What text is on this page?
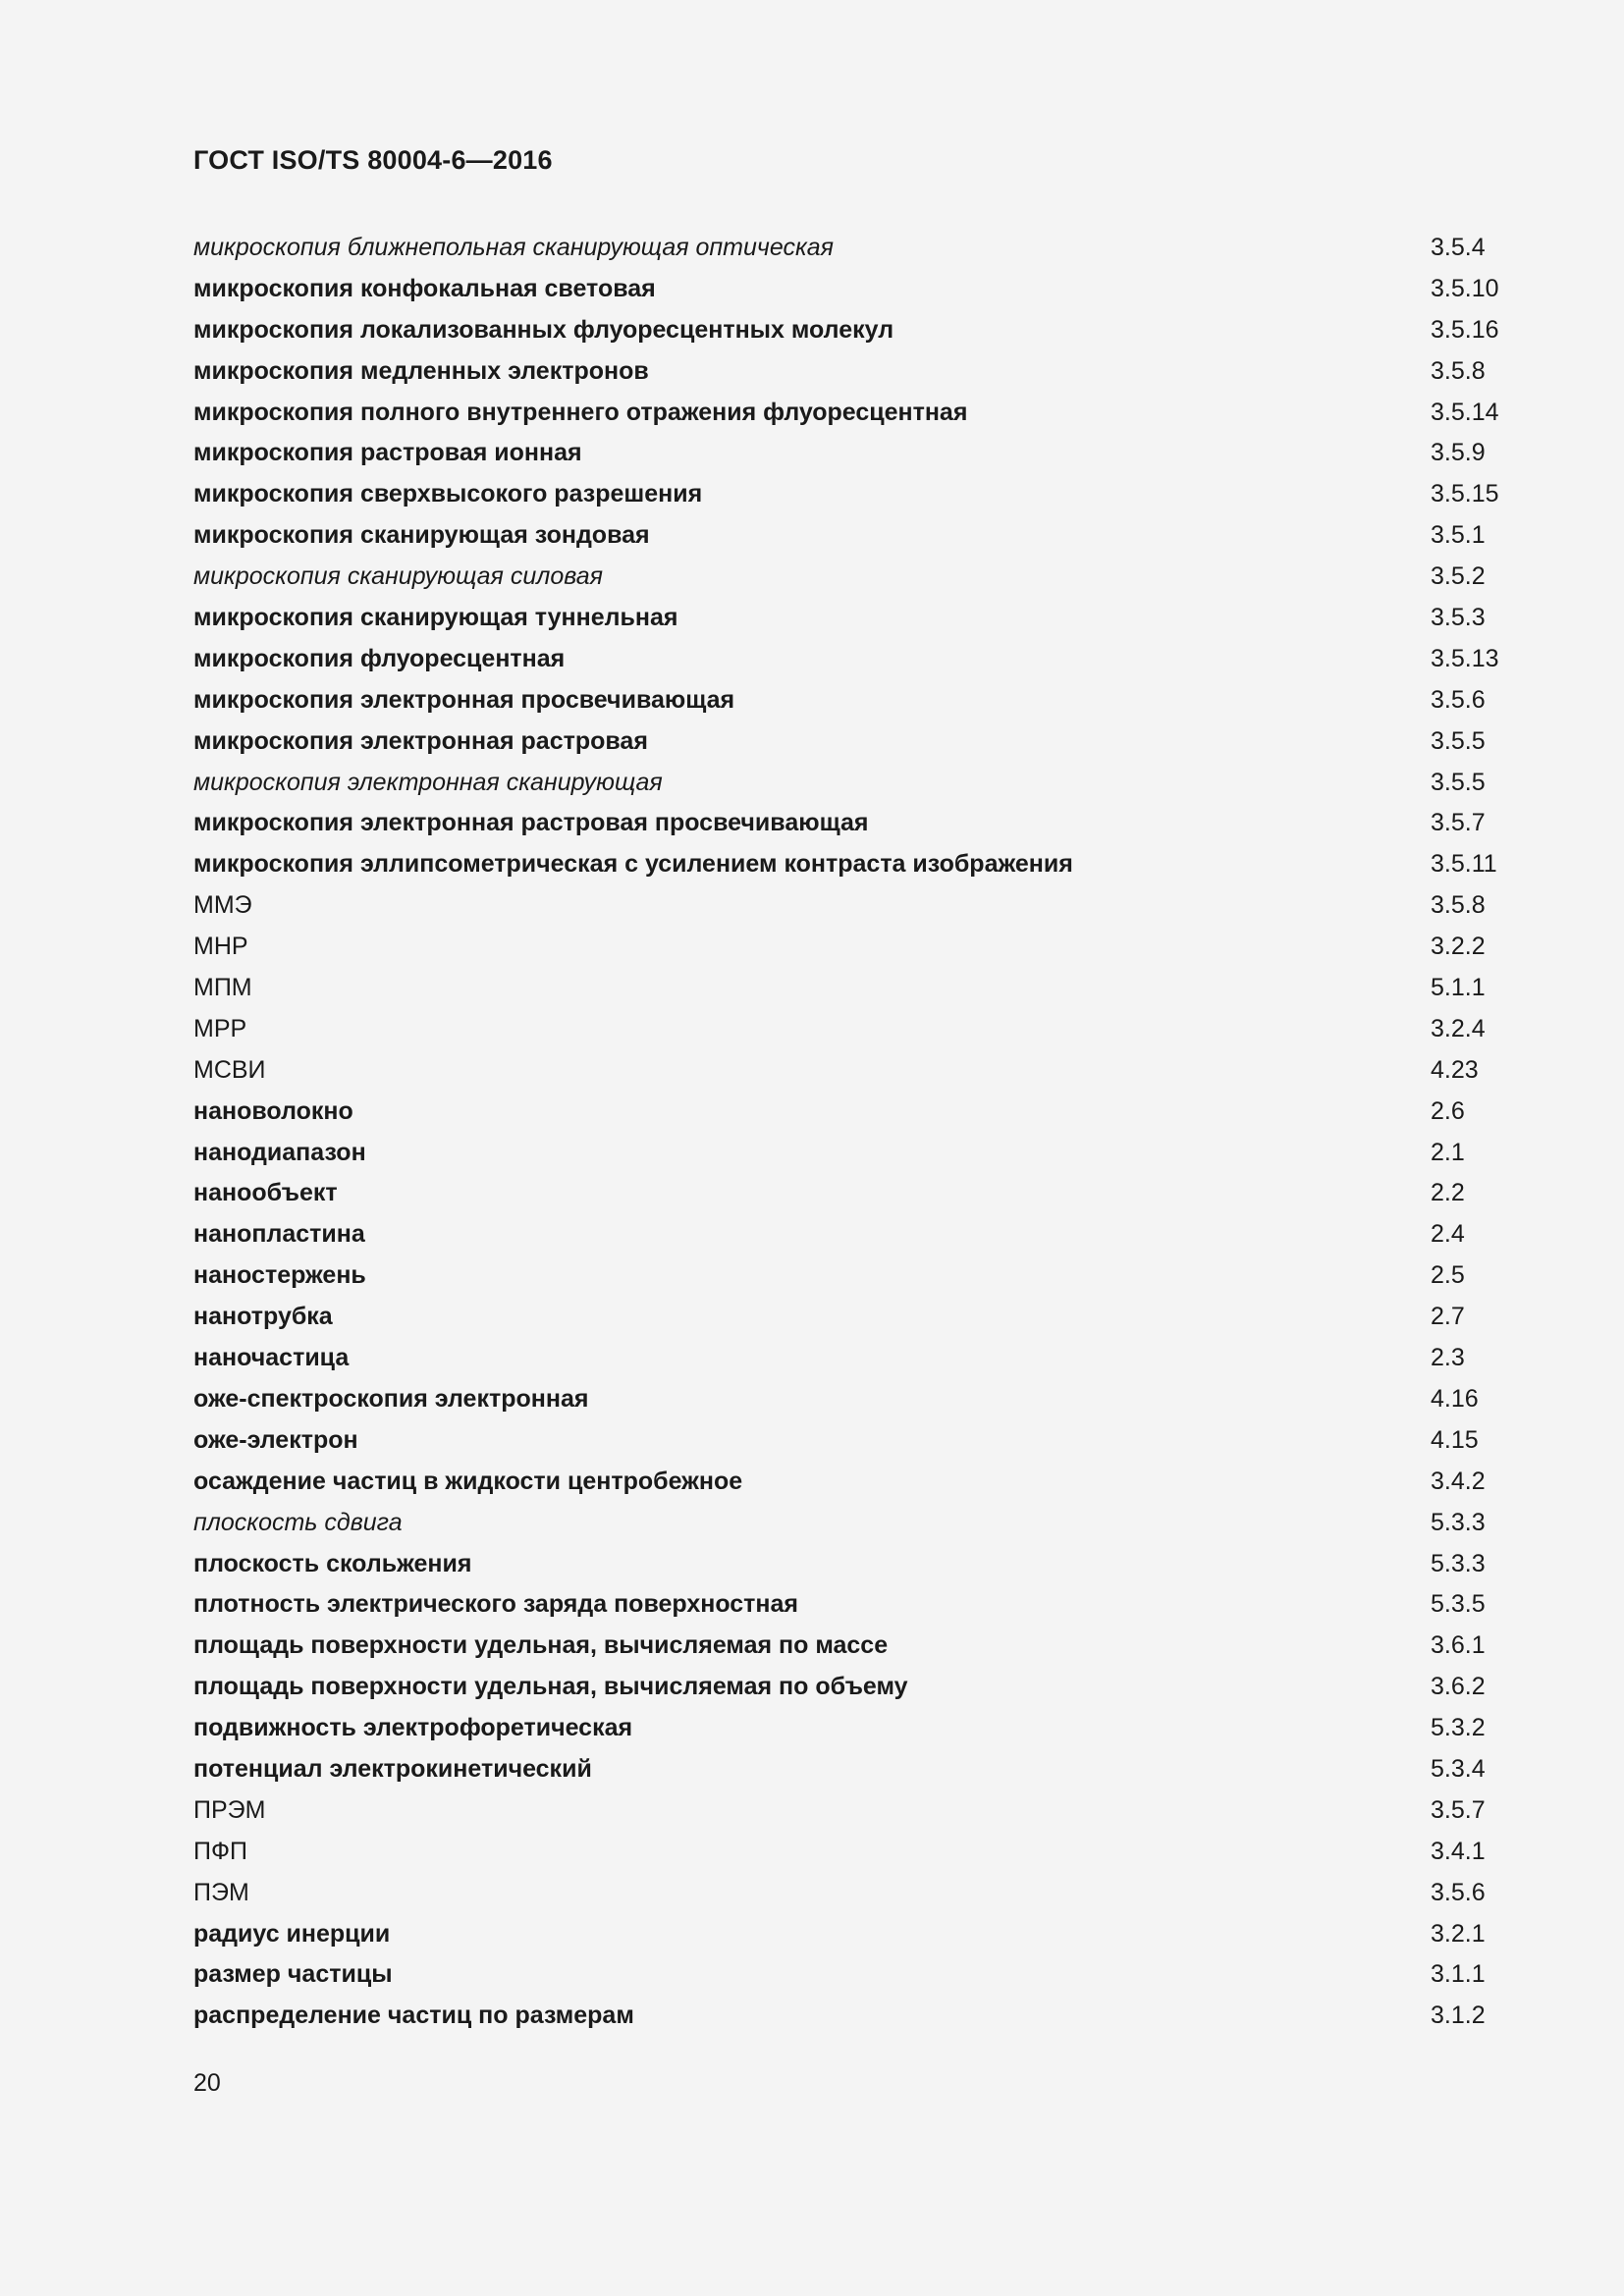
ГОСТ ISO/TS 80004-6—2016
микроскопия ближнепольная сканирующая оптическая	3.5.4
микроскопия конфокальная световая	3.5.10
микроскопия локализованных флуоресцентных молекул	3.5.16
микроскопия медленных электронов	3.5.8
микроскопия полного внутреннего отражения флуоресцентная	3.5.14
микроскопия растровая ионная	3.5.9
микроскопия сверхвысокого разрешения	3.5.15
микроскопия сканирующая зондовая	3.5.1
микроскопия сканирующая силовая	3.5.2
микроскопия сканирующая туннельная	3.5.3
микроскопия флуоресцентная	3.5.13
микроскопия электронная просвечивающая	3.5.6
микроскопия электронная растровая	3.5.5
микроскопия электронная сканирующая	3.5.5
микроскопия электронная растровая просвечивающая	3.5.7
микроскопия эллипсометрическая с усилением контраста изображения	3.5.11
ММЭ	3.5.8
МНР	3.2.2
МПМ	5.1.1
МРР	3.2.4
МСВИ	4.23
нановолокно	2.6
нанодиапазон	2.1
нанообъект	2.2
нанопластина	2.4
наностержень	2.5
нанотрубка	2.7
наночастица	2.3
оже-спектроскопия электронная	4.16
оже-электрон	4.15
осаждение частиц в жидкости центробежное	3.4.2
плоскость сдвига	5.3.3
плоскость скольжения	5.3.3
плотность электрического заряда поверхностная	5.3.5
площадь поверхности удельная, вычисляемая по массе	3.6.1
площадь поверхности удельная, вычисляемая по объему	3.6.2
подвижность электрофоретическая	5.3.2
потенциал электрокинетический	5.3.4
ПРЭМ	3.5.7
ПФП	3.4.1
ПЭМ	3.5.6
радиус инерции	3.2.1
размер частицы	3.1.1
распределение частиц по размерам	3.1.2
20
